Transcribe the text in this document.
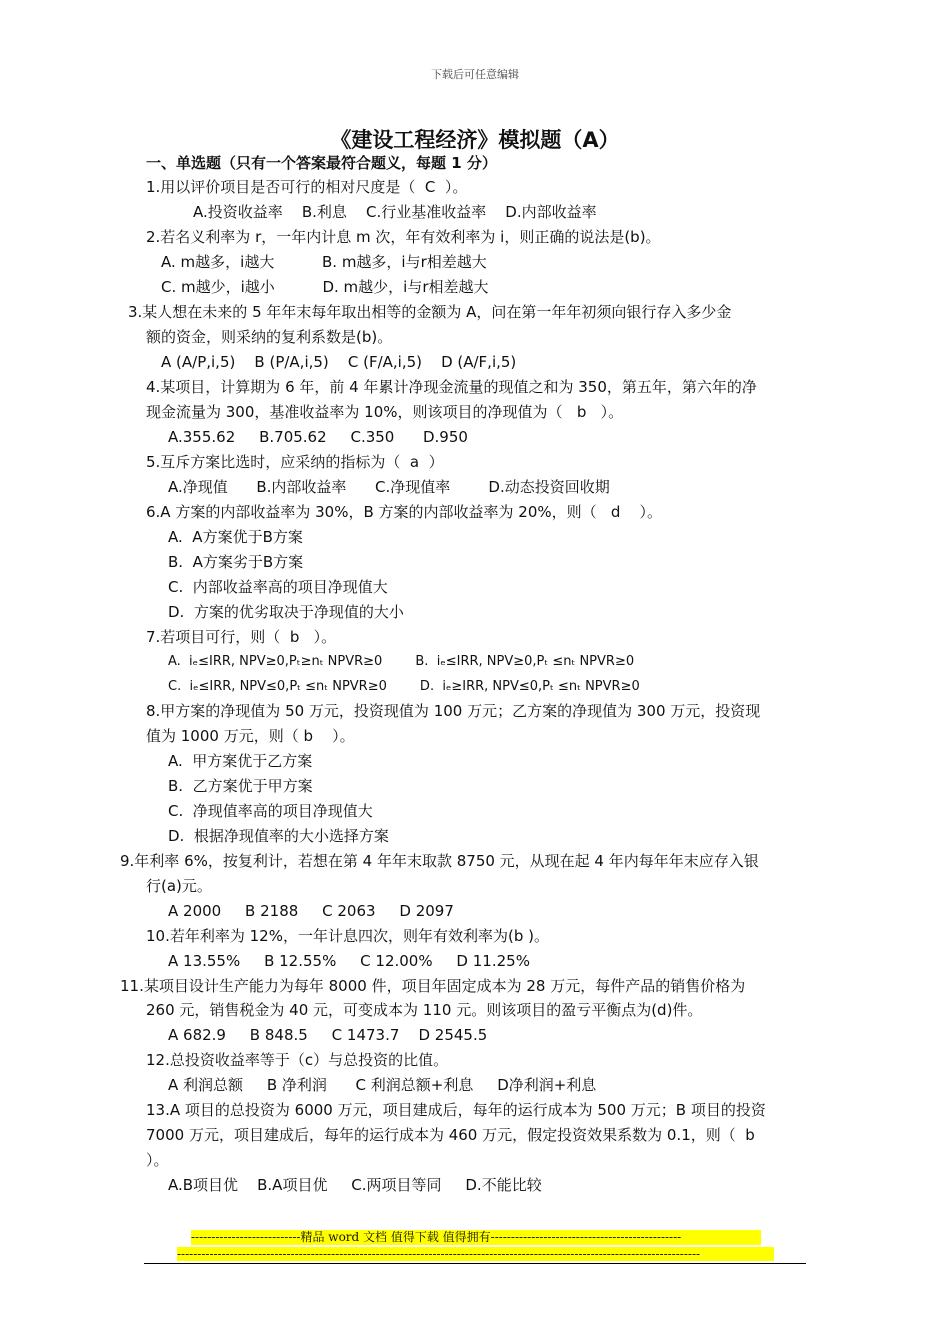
下载后可任意编辑
《建设工程经济》模拟题（A）
一、单选题（只有一个答案最符合题义，每题 1 分）
1.用以评价项目是否可行的相对尺度是（  C  ）。
A.投资收益率    B.利息    C.行业基准收益率    D.内部收益率
2.若名义利率为 r，一年内计息 m 次，年有效利率为 i，则正确的说法是(b)。
A. m越多，i越大          B. m越多，i与r相差越大
C. m越少，i越小          D. m越少，i与r相差越大
3.某人想在未来的 5 年年末每年取出相等的金额为 A，问在第一年年初须向银行存入多少金
额的资金，则采纳的复利系数是(b)。
A (A/P,i,5)    B (P/A,i,5)    C (F/A,i,5)    D (A/F,i,5)
4.某项目，计算期为 6 年，前 4 年累计净现金流量的现值之和为 350，第五年，第六年的净
现金流量为 300，基准收益率为 10%，则该项目的净现值为（   b   ）。
A.355.62     B.705.62     C.350      D.950
5.互斥方案比选时，应采纳的指标为（  a  ）
A.净现值      B.内部收益率      C.净现值率        D.动态投资回收期
6.A 方案的内部收益率为 30%，B 方案的内部收益率为 20%，则（   d    ）。
A.  A方案优于B方案
B.  A方案劣于B方案
C.  内部收益率高的项目净现值大
D.  方案的优劣取决于净现值的大小
7.若项目可行，则（  b   ）。
A.  iₑ≤IRR, NPV≥0,Pₜ≥nₜ NPVR≥0        B.  iₑ≤IRR, NPV≥0,Pₜ ≤nₜ NPVR≥0
C.  iₑ≤IRR, NPV≤0,Pₜ ≤nₜ NPVR≥0        D.  iₑ≥IRR, NPV≤0,Pₜ ≤nₜ NPVR≥0
8.甲方案的净现值为 50 万元，投资现值为 100 万元；乙方案的净现值为 300 万元，投资现
值为 1000 万元，则（ b    ）。
A.  甲方案优于乙方案
B.  乙方案优于甲方案
C.  净现值率高的项目净现值大
D.  根据净现值率的大小选择方案
9.年利率 6%，按复利计，若想在第 4 年年末取款 8750 元，从现在起 4 年内每年年末应存入银
行(a)元。
A 2000     B 2188     C 2063     D 2097
10.若年利率为 12%，一年计息四次，则年有效利率为(b )。
A 13.55%     B 12.55%     C 12.00%     D 11.25%
11.某项目设计生产能力为每年 8000 件，项目年固定成本为 28 万元，每件产品的销售价格为
260 元，销售税金为 40 元，可变成本为 110 元。则该项目的盈亏平衡点为(d)件。
A 682.9     B 848.5     C 1473.7    D 2545.5
12.总投资收益率等于（c）与总投资的比值。
A 利润总额     B 净利润      C 利润总额+利息     D净利润+利息
13.A 项目的总投资为 6000 万元，项目建成后，每年的运行成本为 500 万元；B 项目的投资
7000 万元，项目建成后，每年的运行成本为 460 万元，假定投资效果系数为 0.1，则（  b
）。
A.B项目优    B.A项目优     C.两项目等同     D.不能比较
---------------------------精品 word 文档 值得下载 值得拥有-----------------------------------------------
---------------------------------------------------------------------------------------------------------------------------------
